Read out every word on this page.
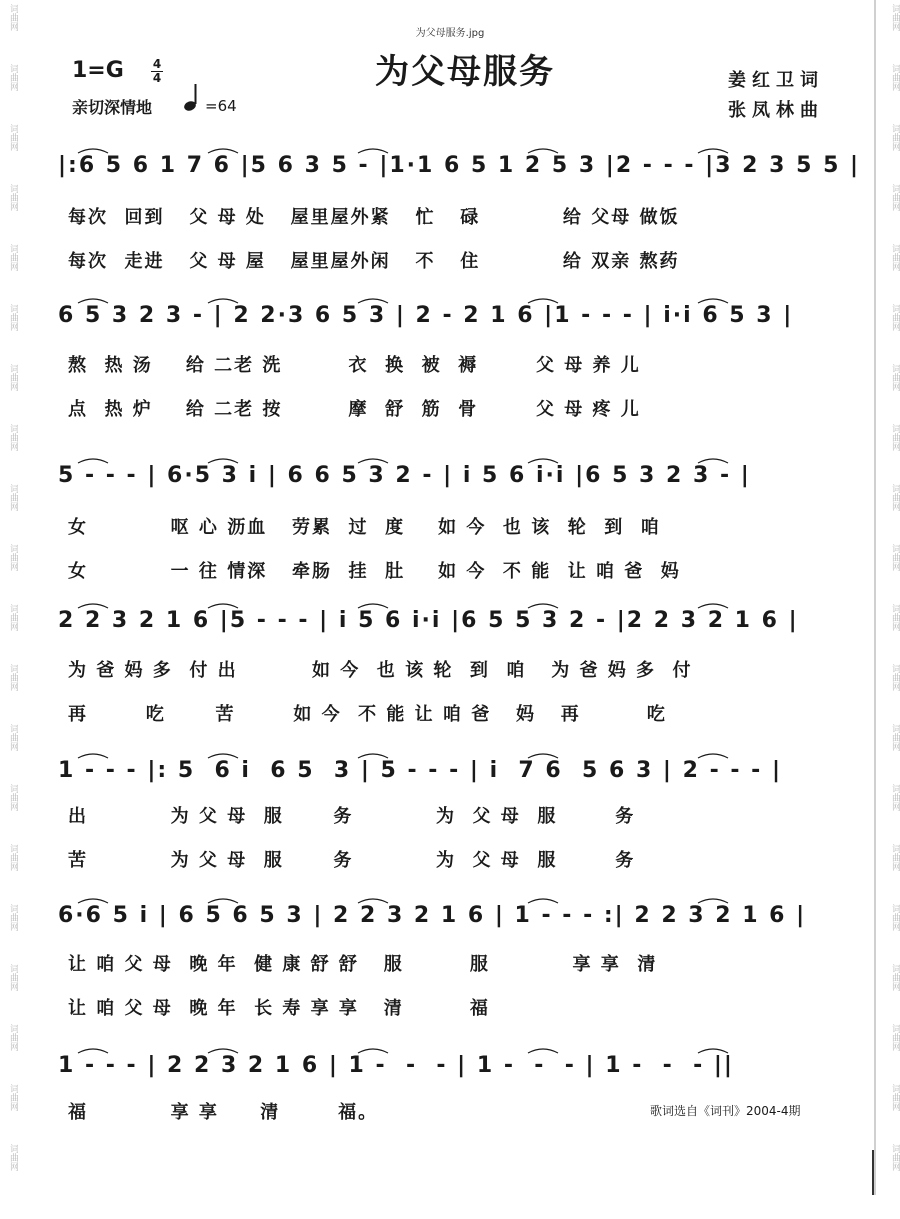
词曲网
词曲网
词曲网
词曲网
词曲网
词曲网
词曲网
词曲网
词曲网
词曲网
词曲网
词曲网
词曲网
词曲网
词曲网
词曲网
词曲网
词曲网
词曲网
词曲网
词曲网
词曲网
词曲网
词曲网
词曲网
词曲网
词曲网
词曲网
词曲网
词曲网
词曲网
词曲网
词曲网
词曲网
词曲网
词曲网
词曲网
词曲网
词曲网
词曲网
为父母服务.jpg
为父母服务
1=G 4
4
亲切深情地	=64
姜红卫词
张凤林曲
|:6 5 6 1 7 6 |5 6 3 5 - |1·1 6 5 1 2 5 3 |2 - - - |3 2 3 5 5 |
每次  回到   父 母 处   屋里屋外紧   忙   碌          给 父母 做饭
每次  走进   父 母 屋   屋里屋外闲   不   住          给 双亲 熬药
6 5 3 2 3 - | 2 2·3 6 5 3 | 2 - 2 1 6 |1 - - - | i·i 6 5 3 |
熬  热 汤    给 二老 洗        衣  换  被  褥       父 母 养 儿
点  热 炉    给 二老 按        摩  舒  筋  骨       父 母 疼 儿
5 - - - | 6·5 3 i | 6 6 5 3 2 - | i 5 6 i·i |6 5 3 2 3 - |
女          呕 心 沥血   劳累  过  度    如 今  也 该  轮  到  咱
女          一 往 情深   牵肠  挂  肚    如 今  不 能  让 咱 爸  妈
2 2 3 2 1 6 |5 - - - | i 5 6 i·i |6 5 5 3 2 - |2 2 3 2 1 6 |
为 爸 妈 多  付 出         如 今  也 该 轮  到  咱   为 爸 妈 多  付
再       吃      苦       如 今  不 能 让 咱 爸   妈   再        吃
1 - - - |: 5  6 i  6 5  3 | 5 - - - | i  7 6  5 6 3 | 2 - - - |
出          为 父 母  服      务          为  父 母  服       务
苦          为 父 母  服      务          为  父 母  服       务
6·6 5 i | 6 5 6 5 3 | 2 2 3 2 1 6 | 1 - - - :| 2 2 3 2 1 6 |
让 咱 父 母  晚 年  健 康 舒 舒   服        服          享 享  清
让 咱 父 母  晚 年  长 寿 享 享   清        福
1 - - - | 2 2 3 2 1 6 | 1 -  -  - | 1 -  -  - | 1 -  -  - ||
福          享 享     清       福。	歌词选自《词刊》2004-4期
